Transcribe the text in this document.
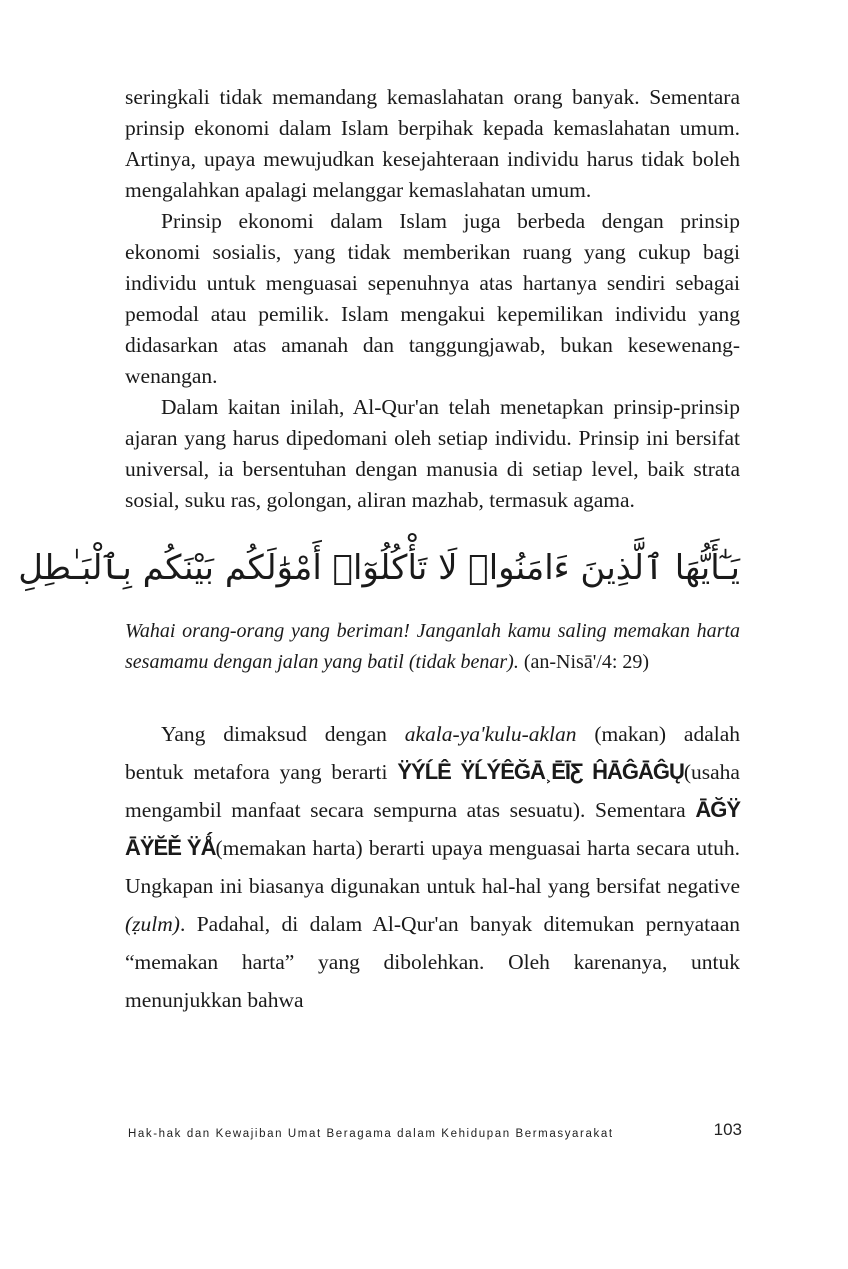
seringkali tidak memandang kemaslahatan orang banyak. Sementara prinsip ekonomi dalam Islam berpihak kepada kemaslahatan umum. Artinya, upaya mewujudkan kesejahteraan individu harus tidak boleh mengalahkan apalagi melanggar kemaslahatan umum.

Prinsip ekonomi dalam Islam juga berbeda dengan prinsip ekonomi sosialis, yang tidak memberikan ruang yang cukup bagi individu untuk menguasai sepenuhnya atas hartanya sendiri sebagai pemodal atau pemilik. Islam mengakui kepemilikan individu yang didasarkan atas amanah dan tanggungjawab, bukan kesewenang-wenangan.

Dalam kaitan inilah, Al-Qur'an telah menetapkan prinsip-prinsip ajaran yang harus dipedomani oleh setiap individu. Prinsip ini bersifat universal, ia bersentuhan dengan manusia di setiap level, baik strata sosial, suku ras, golongan, aliran mazhab, termasuk agama.

يَـٰٓأَيُّهَا ٱلَّذِينَ ءَامَنُوا۟ لَا تَأْكُلُوٓا۟ أَمْوَٰلَكُم بَيْنَكُم بِٱلْبَـٰطِلِ

Wahai orang-orang yang beriman! Janganlah kamu saling memakan harta sesamamu dengan jalan yang batil (tidak benar). (an-Nisā'/4: 29)

Yang dimaksud dengan akala-ya'kulu-aklan (makan) adalah bentuk metafora yang berarti ŸÝĹÊ ŸĹÝÊĞĀ˲ĒĪƸ ĤĀĜĀĜŲ(usaha mengambil manfaat secara sempurna atas sesuatu). Sementara ĀĞŸ ĀŸĔĚ ŸǺ(memakan harta) berarti upaya menguasai harta secara utuh. Ungkapan ini biasanya digunakan untuk hal-hal yang bersifat negative (ẓulm). Padahal, di dalam Al-Qur'an banyak ditemukan pernyataan “memakan harta” yang dibolehkan. Oleh karenanya, untuk menunjukkan bahwa

Hak-hak dan Kewajiban Umat Beragama dalam Kehidupan Bermasyarakat	103
